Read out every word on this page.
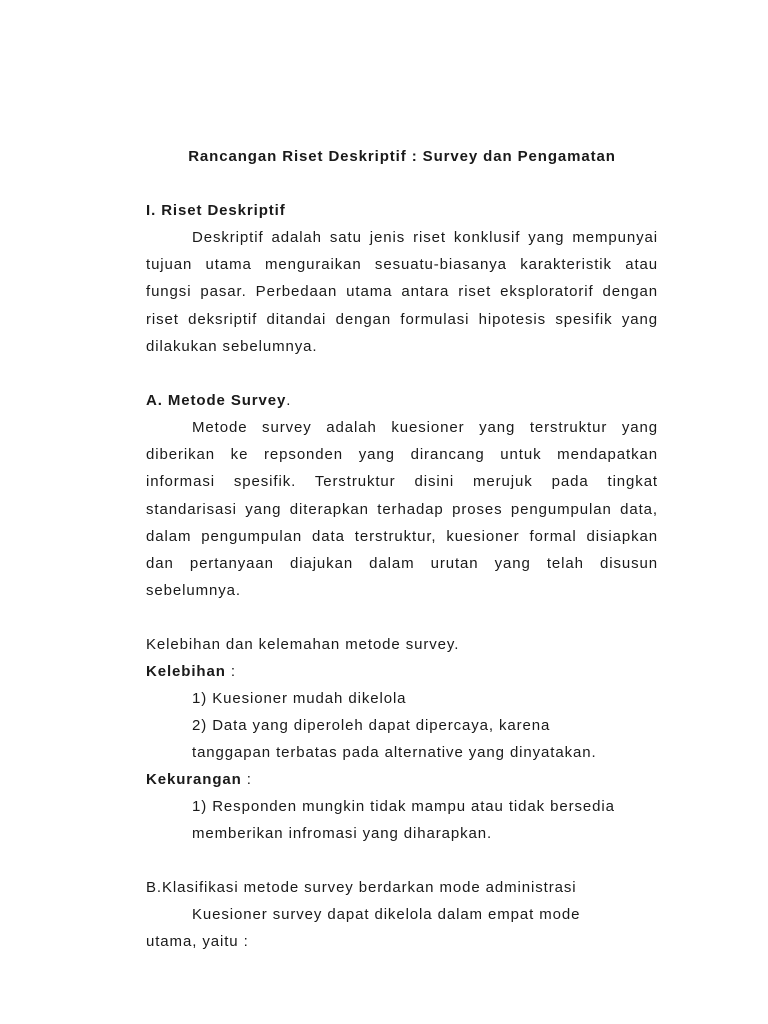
Rancangan Riset Deskriptif : Survey dan Pengamatan

I. Riset Deskriptif

Deskriptif adalah satu jenis riset konklusif yang mempunyai tujuan utama menguraikan sesuatu-biasanya karakteristik atau fungsi pasar. Perbedaan utama antara riset eksploratorif dengan riset deksriptif ditandai dengan formulasi hipotesis spesifik yang dilakukan sebelumnya.

A. Metode Survey.

Metode survey adalah kuesioner yang terstruktur yang diberikan ke repsonden yang dirancang untuk mendapatkan informasi spesifik. Terstruktur disini merujuk pada tingkat standarisasi yang diterapkan terhadap proses pengumpulan data, dalam pengumpulan data terstruktur, kuesioner formal disiapkan dan pertanyaan diajukan dalam urutan yang telah disusun sebelumnya.

Kelebihan dan kelemahan metode survey.

Kelebihan :

1) Kuesioner mudah dikelola

2) Data yang diperoleh dapat dipercaya, karena

tanggapan terbatas pada alternative yang dinyatakan.

Kekurangan :

1) Responden mungkin tidak mampu atau tidak bersedia

memberikan infromasi yang diharapkan.

B.Klasifikasi metode survey berdarkan mode administrasi

Kuesioner survey dapat dikelola dalam empat mode

utama, yaitu :
